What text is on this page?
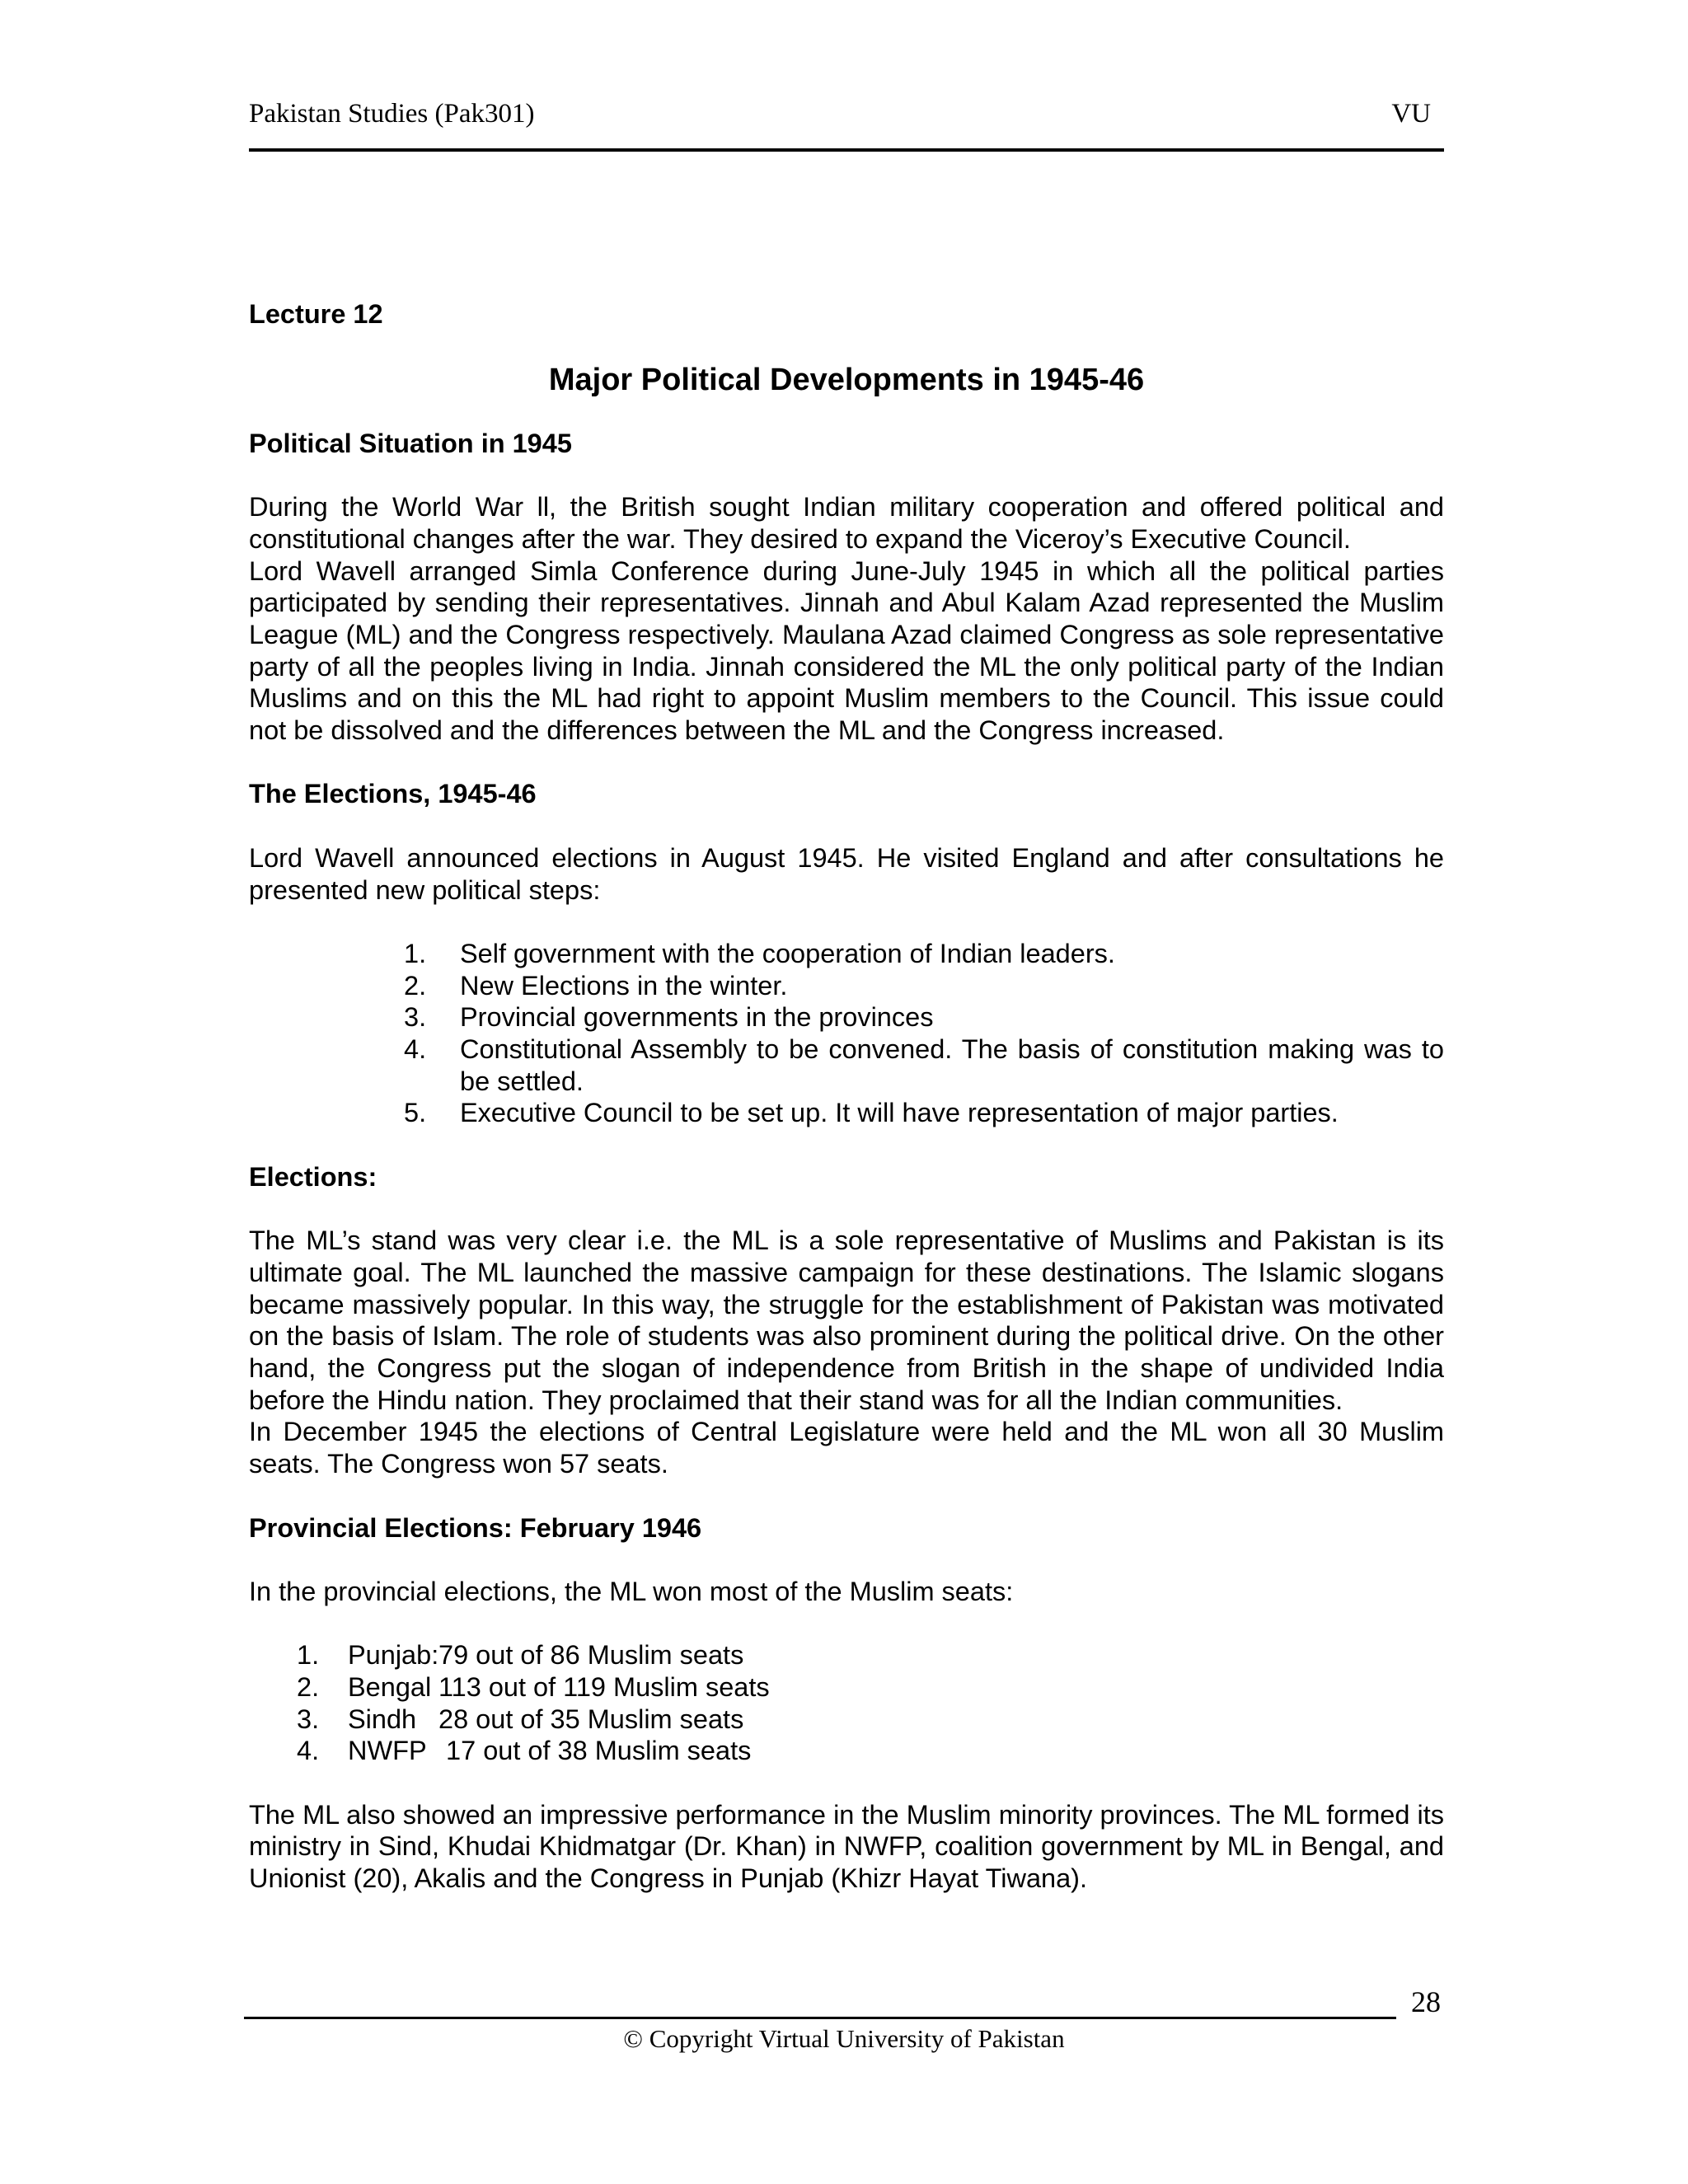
Pakistan Studies (Pak301)	VU

Lecture 12

Major Political Developments in 1945-46

Political Situation in 1945

During the World War ll, the British sought Indian military cooperation and offered political and constitutional changes after the war. They desired to expand the Viceroy’s Executive Council.

Lord Wavell arranged Simla Conference during June-July 1945 in which all the political parties participated by sending their representatives. Jinnah and Abul Kalam Azad represented the Muslim League (ML) and the Congress respectively. Maulana Azad claimed Congress as sole representative party of all the peoples living in India. Jinnah considered the ML the only political party of the Indian Muslims and on this the ML had right to appoint Muslim members to the Council. This issue could not be dissolved and the differences between the ML and the Congress increased.

The Elections, 1945-46

Lord Wavell announced elections in August 1945. He visited England and after consultations he presented new political steps:

1. Self government with the cooperation of Indian leaders.
2. New Elections in the winter.
3. Provincial governments in the provinces
4. Constitutional Assembly to be convened. The basis of constitution making was to be settled.
5. Executive Council to be set up. It will have representation of major parties.

Elections:

The ML’s stand was very clear i.e. the ML is a sole representative of Muslims and Pakistan is its ultimate goal. The ML launched the massive campaign for these destinations. The Islamic slogans became massively popular. In this way, the struggle for the establishment of Pakistan was motivated on the basis of Islam. The role of students was also prominent during the political drive. On the other hand, the Congress put the slogan of independence from British in the shape of undivided India before the Hindu nation. They proclaimed that their stand was for all the Indian communities.

In December 1945 the elections of Central Legislature were held and the ML won all 30 Muslim seats. The Congress won 57 seats.

Provincial Elections: February 1946

In the provincial elections, the ML won most of the Muslim seats:

1. Punjab:79 out of 86 Muslim seats
2. Bengal 113 out of 119 Muslim seats
3. Sindh 28 out of 35 Muslim seats
4. NWFP 17 out of 38 Muslim seats

The ML also showed an impressive performance in the Muslim minority provinces. The ML formed its ministry in Sind, Khudai Khidmatgar (Dr. Khan) in NWFP, coalition government by ML in Bengal, and Unionist (20), Akalis and the Congress in Punjab (Khizr Hayat Tiwana).

28
© Copyright Virtual University of Pakistan
